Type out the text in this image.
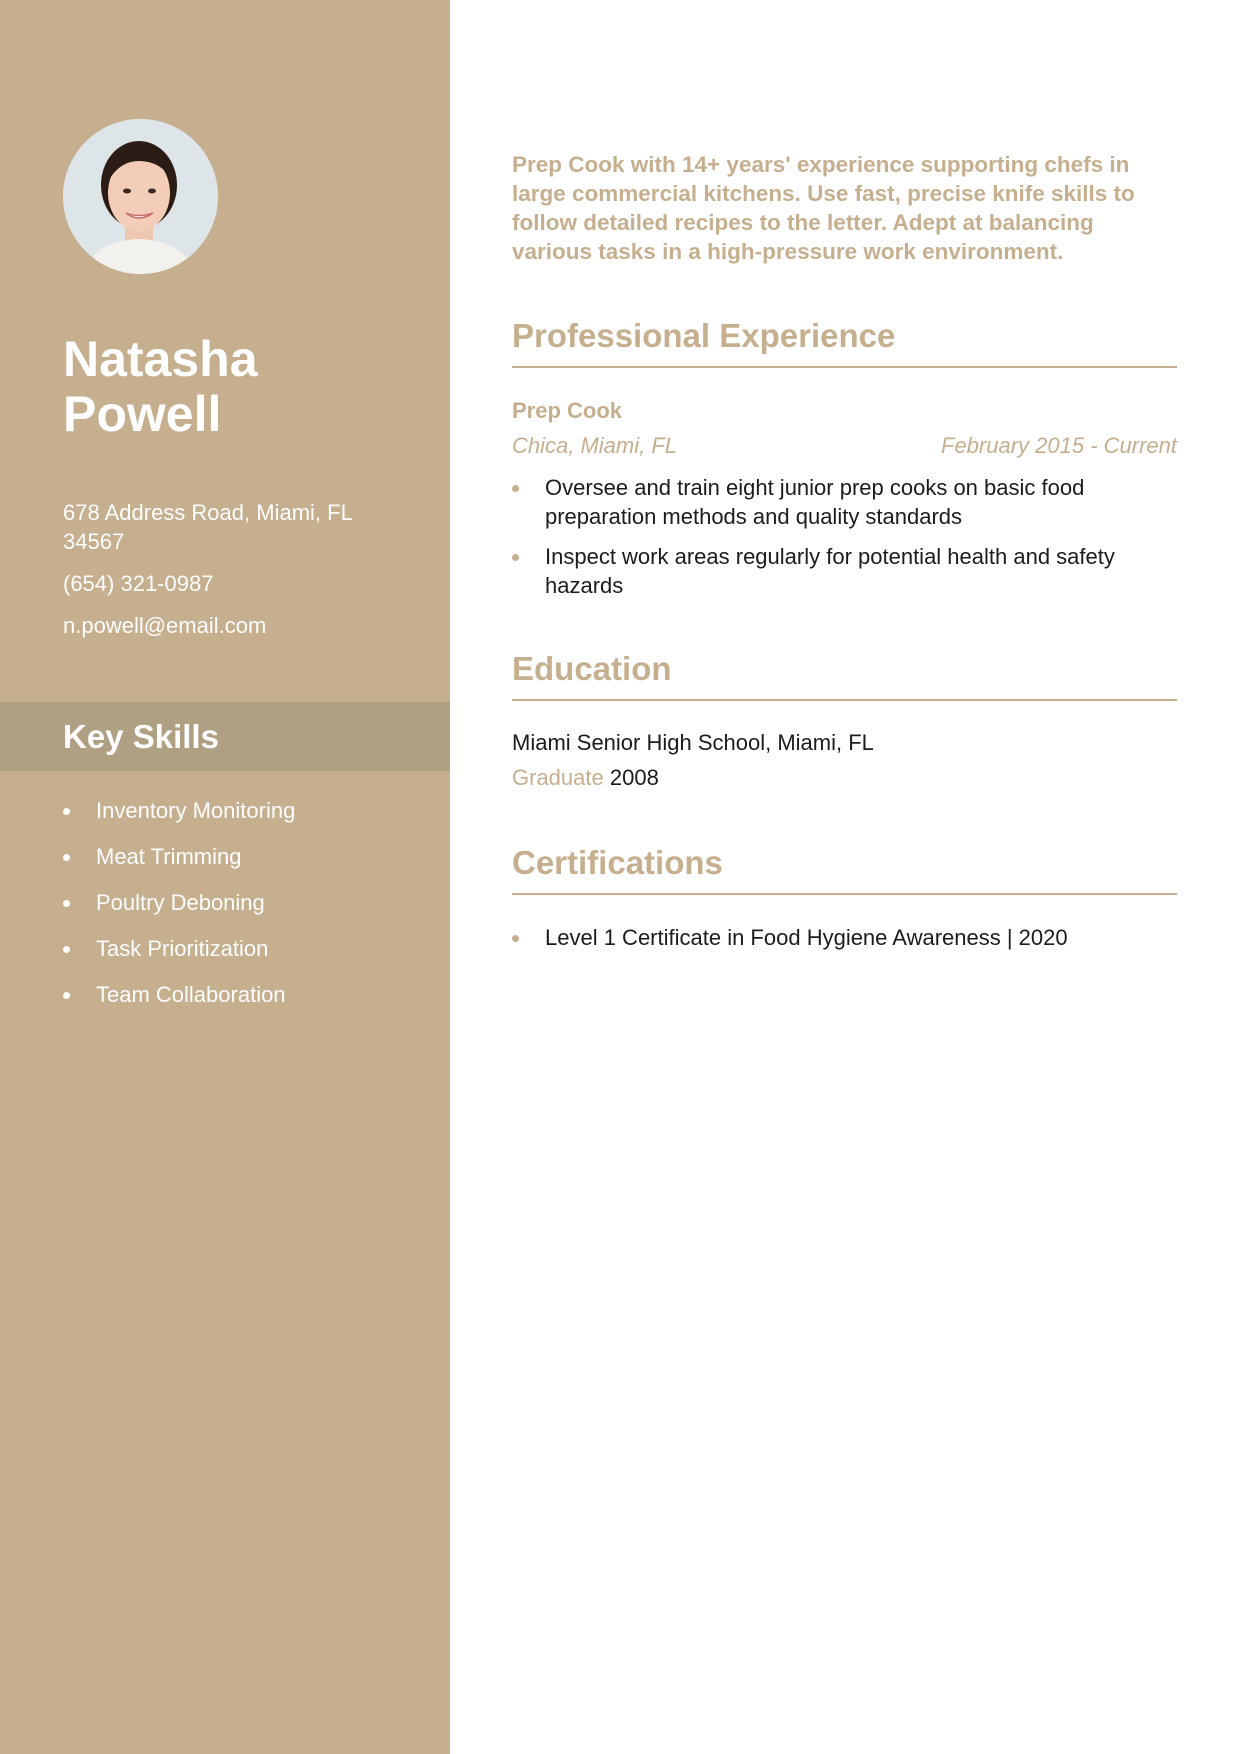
Natasha
Powell
678 Address Road, Miami, FL 34567
(654) 321-0987
n.powell@email.com
Key Skills
Inventory Monitoring
Meat Trimming
Poultry Deboning
Task Prioritization
Team Collaboration

Prep Cook with 14+ years' experience supporting chefs in large commercial kitchens. Use fast, precise knife skills to follow detailed recipes to the letter. Adept at balancing various tasks in a high-pressure work environment.

Professional Experience
Prep Cook
Chica, Miami, FL	February 2015 - Current
Oversee and train eight junior prep cooks on basic food preparation methods and quality standards
Inspect work areas regularly for potential health and safety hazards
Education
Miami Senior High School, Miami, FL
Graduate 2008
Certifications
Level 1 Certificate in Food Hygiene Awareness | 2020
